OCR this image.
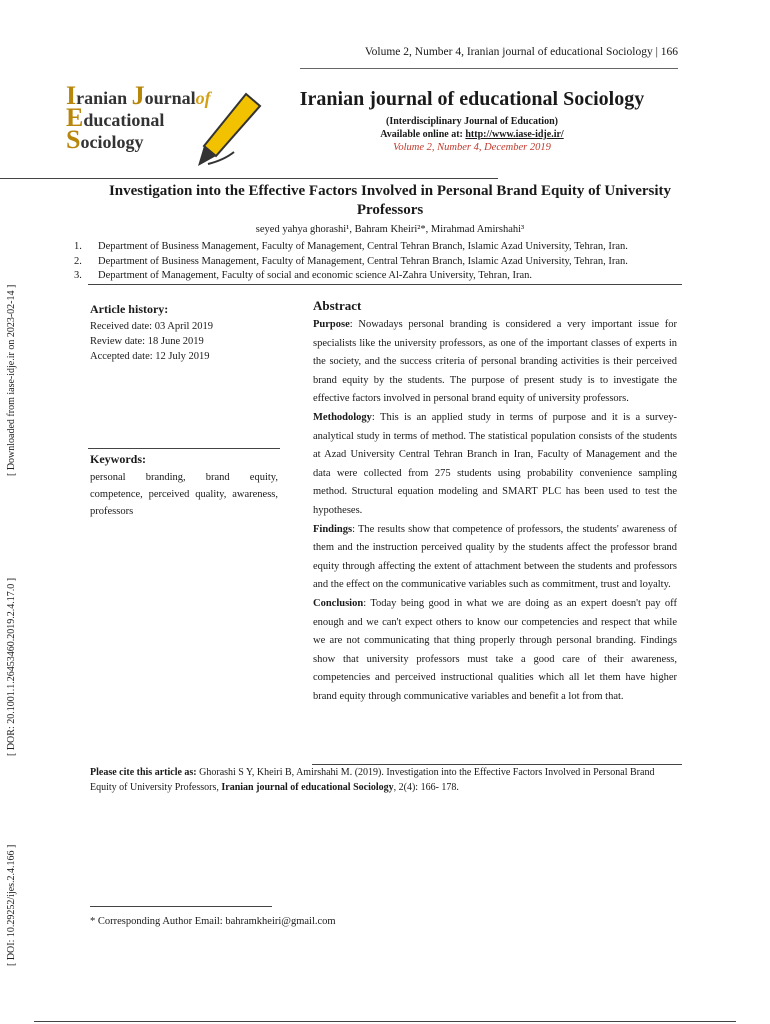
[ Downloaded from iase-idje.ir on 2023-02-14 ]
[ DOR: 20.1001.1.26453460.2019.2.4.17.0 ]
[ DOI: 10.29252/ijes.2.4.166 ]
Volume 2, Number 4, Iranian journal of educational Sociology | 166
Iranian Journalof
Educational
Sociology
Iranian journal of educational Sociology
(Interdisciplinary Journal of Education)
Available online at: http://www.iase-idje.ir/
Volume 2, Number 4, December 2019
Investigation into the Effective Factors Involved in Personal Brand Equity of University Professors
seyed yahya ghorashi¹, Bahram Kheiri²*, Mirahmad Amirshahi³
1.	Department of Business Management, Faculty of Management, Central Tehran Branch, Islamic Azad University, Tehran, Iran.
2.	Department of Business Management, Faculty of Management, Central Tehran Branch, Islamic Azad University, Tehran, Iran.
3.	Department of Management, Faculty of social and economic science Al-Zahra University, Tehran, Iran.
Article history:
Received date: 03 April 2019
Review date: 18 June 2019
Accepted date: 12 July 2019
Keywords:
personal branding, brand equity, competence, perceived quality, awareness, professors
Abstract

Purpose: Nowadays personal branding is considered a very important issue for specialists like the university professors, as one of the important classes of experts in the society, and the success criteria of personal branding activities is their perceived brand equity by the students. The purpose of present study is to investigate the effective factors involved in personal brand equity of university professors.

Methodology: This is an applied study in terms of purpose and it is a survey-analytical study in terms of method. The statistical population consists of the students at Azad University Central Tehran Branch in Iran, Faculty of Management and the data were collected from 275 students using probability convenience sampling method. Structural equation modeling and SMART PLC has been used to test the hypotheses.

Findings: The results show that competence of professors, the students' awareness of them and the instruction perceived quality by the students affect the professor brand equity through affecting the extent of attachment between the students and professors and the effect on the communicative variables such as commitment, trust and loyalty.

Conclusion: Today being good in what we are doing as an expert doesn't pay off enough and we can't expect others to know our competencies and respect that while we are not communicating that thing properly through personal branding. Findings show that university professors must take a good care of their awareness, competencies and perceived instructional qualities which all let them have higher brand equity through communicative variables and benefit a lot from that.

Please cite this article as: Ghorashi S Y, Kheiri B, Amirshahi M. (2019). Investigation into the Effective Factors Involved in Personal Brand Equity of University Professors, Iranian journal of educational Sociology, 2(4): 166- 178.
* Corresponding Author Email: bahramkheiri@gmail.com
